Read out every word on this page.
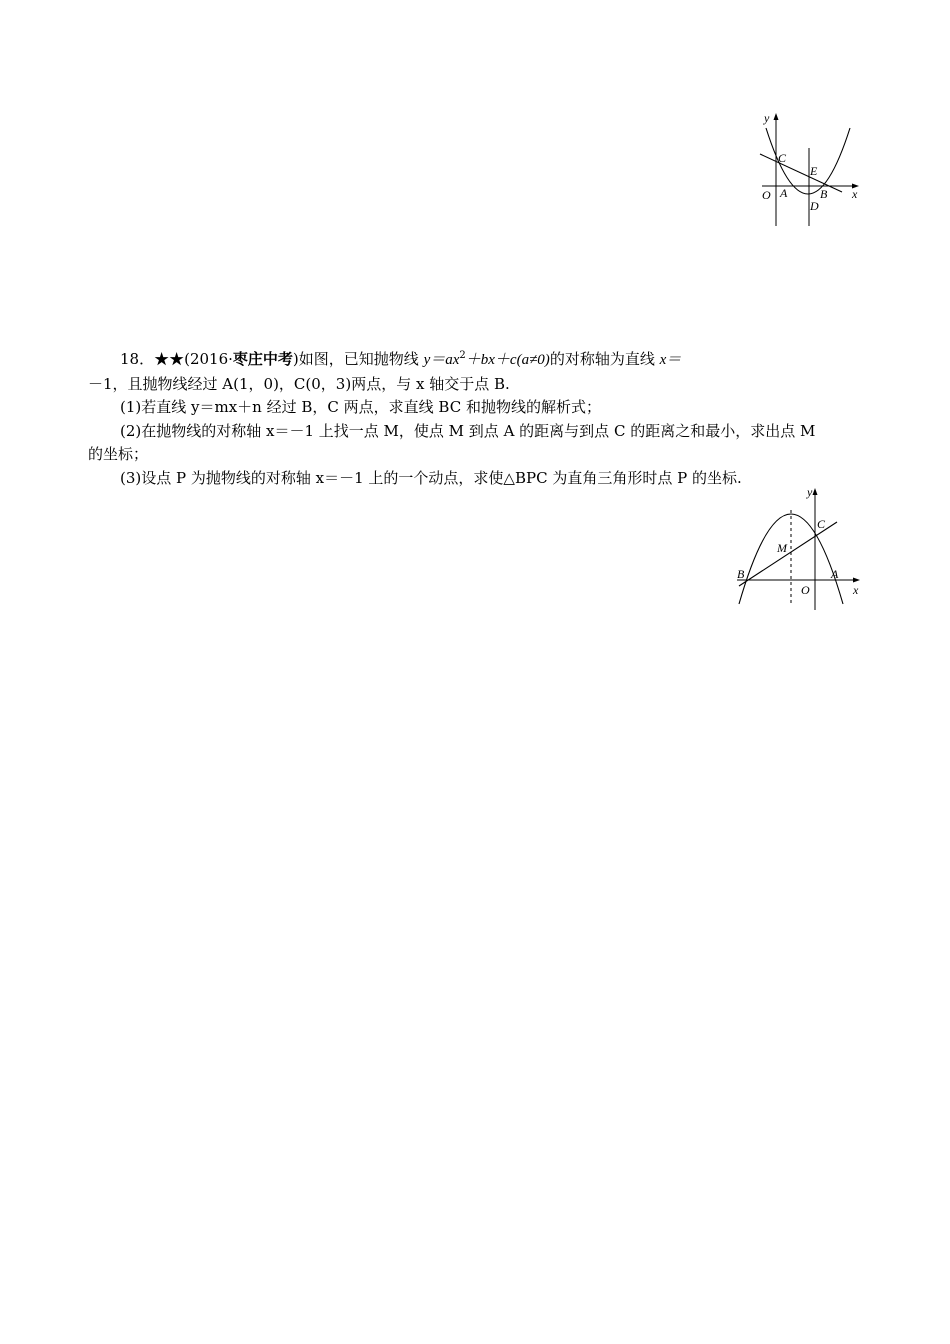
y
x
O A	B
C
D
E

18．★★(2016·枣庄中考)如图，已知抛物线 $y=ax^2+bx+c(a\ne 0)$的对称轴为直线 x＝

－1，且抛物线经过 A(1，0)，C(0，3)两点，与 x 轴交于点 B.

(1)若直线 y＝mx＋n 经过 B，C 两点，求直线 BC 和抛物线的解析式；

(2)在抛物线的对称轴 x＝－1 上找一点 M，使点 M 到点 A 的距离与到点 C 的距离之和最小，求出点 M

的坐标；

(3)设点 P 为抛物线的对称轴 x＝－1 上的一个动点，求使△BPC 为直角三角形时点 P 的坐标.

y
x
O
A
B
C
M
